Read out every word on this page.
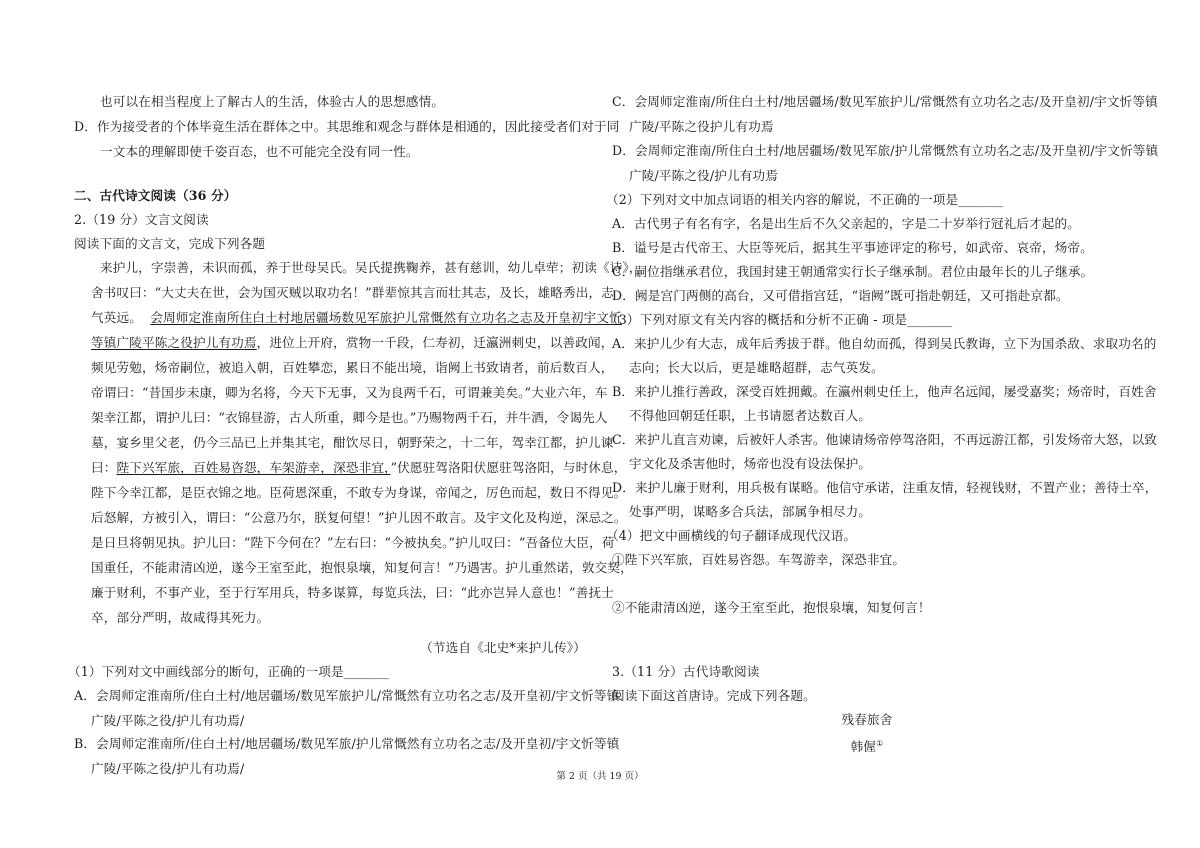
也可以在相当程度上了解古人的生活，体验古人的思想感情。
D．作为接受者的个体毕竟生活在群体之中。其思维和观念与群体是相通的，因此接受者们对于同
一文本的理解即使千姿百态，也不可能完全没有同一性。
二、古代诗文阅读（36 分）
2.（19 分）文言文阅读
阅读下面的文言文，完成下列各题
来护儿，字崇善，未识而孤，养于世母吴氏。吴氏提携鞠养，甚有慈训，幼儿卓荦；初读《诗》，
舍书叹曰：“大丈夫在世，会为国灭贼以取功名！”群辈惊其言而壮其志，及长，雄略秀出，志
气英远。 会周师定淮南所住白土村地居疆场数见军旅护儿常慨然有立功名之志及开皇初宇文忻
等镇广陵平陈之役护儿有功焉，进位上开府，赏物一千段，仁寿初，迁瀛洲刺史，以善政闻，
频见劳勉，炀帝嗣位，被追入朝，百姓攀恋，累日不能出境，诣阙上书致请者，前后数百人，
帝谓曰：“昔国步未康，卿为名将，今天下无事，又为良两千石，可谓兼美矣。”大业六年，车
架幸江都，谓护儿曰：“衣锦昼游，古人所重，卿今是也。”乃赐物两千石，并牛酒，令谒先人
墓，宴乡里父老，仍今三品已上并集其宅，酣饮尽日，朝野荣之，十二年，驾幸江都，护儿谏
曰：陛下兴军旅，百姓易咨怨，车架游幸，深恐非宜，”伏愿驻驾洛阳伏愿驻驾洛阳，与时休息，
陛下今幸江都，是臣衣锦之地。臣荷恩深重，不敢专为身谋，帝闻之，厉色而起，数日不得见。
后怒解，方被引入，谓曰：“公意乃尔，朕复何望！”护儿因不敢言。及宇文化及构逆，深忌之。
是日旦将朝见执。护儿曰：“陛下今何在？”左右曰：“今被执矣。”护儿叹曰：“吾备位大臣，荷
国重任，不能肃清凶逆，遂今王室至此，抱恨泉壤，知复何言！”乃遇害。护儿重然诺，敦交契，
廉于财利，不事产业，至于行军用兵，特多谋算，每览兵法，曰：“此亦岂异人意也！”善抚士
卒，部分严明，故咸得其死力。
（节选自《北史*来护儿传》）
（1）下列对文中画线部分的断句，正确的一项是_______
A．会周师定淮南所/住白土村/地居疆场/数见军旅护儿/常慨然有立功名之志/及开皇初/宇文忻等镇
广陵/平陈之役/护儿有功焉/
B．会周师定淮南所/住白土村/地居疆场/数见军旅/护儿常慨然有立功名之志/及开皇初/宇文忻等镇
广陵/平陈之役/护儿有功焉/
C．会周师定淮南/所住白土村/地居疆场/数见军旅护儿/常慨然有立功名之志/及开皇初/宇文忻等镇
广陵/平陈之役护儿有功焉
D．会周师定淮南/所住白土村/地居疆场/数见军旅/护儿常慨然有立功名之志/及开皇初/宇文忻等镇
广陵/平陈之役/护儿有功焉
（2）下列对文中加点词语的相关内容的解说，不正确的一项是_______
A．古代男子有名有字，名是出生后不久父亲起的，字是二十岁举行冠礼后才起的。
B．谥号是古代帝王、大臣等死后，据其生平事迹评定的称号，如武帝、哀帝，炀帝。
C．嗣位指继承君位，我国封建王朝通常实行长子继承制。君位由最年长的儿子继承。
D．阙是宫门两侧的高台，又可借指宫廷，“诣阙”既可指赴朝廷，又可指赴京都。
（3）下列对原文有关内容的概括和分析不正确 - 项是_______
A．来护儿少有大志，成年后秀拔于群。他自幼而孤，得到吴氏教诲，立下为国杀敌、求取功名的
志向；长大以后，更是雄略超群，志气英发。
B．来护儿推行善政，深受百姓拥戴。在瀛州刺史任上，他声名远闻，屡受嘉奖；炀帝时，百姓舍
不得他回朝廷任职，上书请愿者达数百人。
C．来护儿直言劝谏，后被奸人杀害。他谏请炀帝停驾洛阳，不再远游江都，引发炀帝大怒，以致
宇文化及杀害他时，炀帝也没有设法保护。
D．来护儿廉于财利，用兵极有谋略。他信守承诺，注重友情，轻视钱财，不置产业；善待士卒，
处事严明，谋略多合兵法，部属争相尽力。
（4）把文中画横线的句子翻译成现代汉语。
①陛下兴军旅，百姓易咨怨。车驾游幸，深恐非宜。
②不能肃清凶逆，遂今王室至此，抱恨泉壤，知复何言！
3.（11 分）古代诗歌阅读
阅读下面这首唐诗。完成下列各题。
残春旅舍
韩偓①
第 2 页（共 19 页）
